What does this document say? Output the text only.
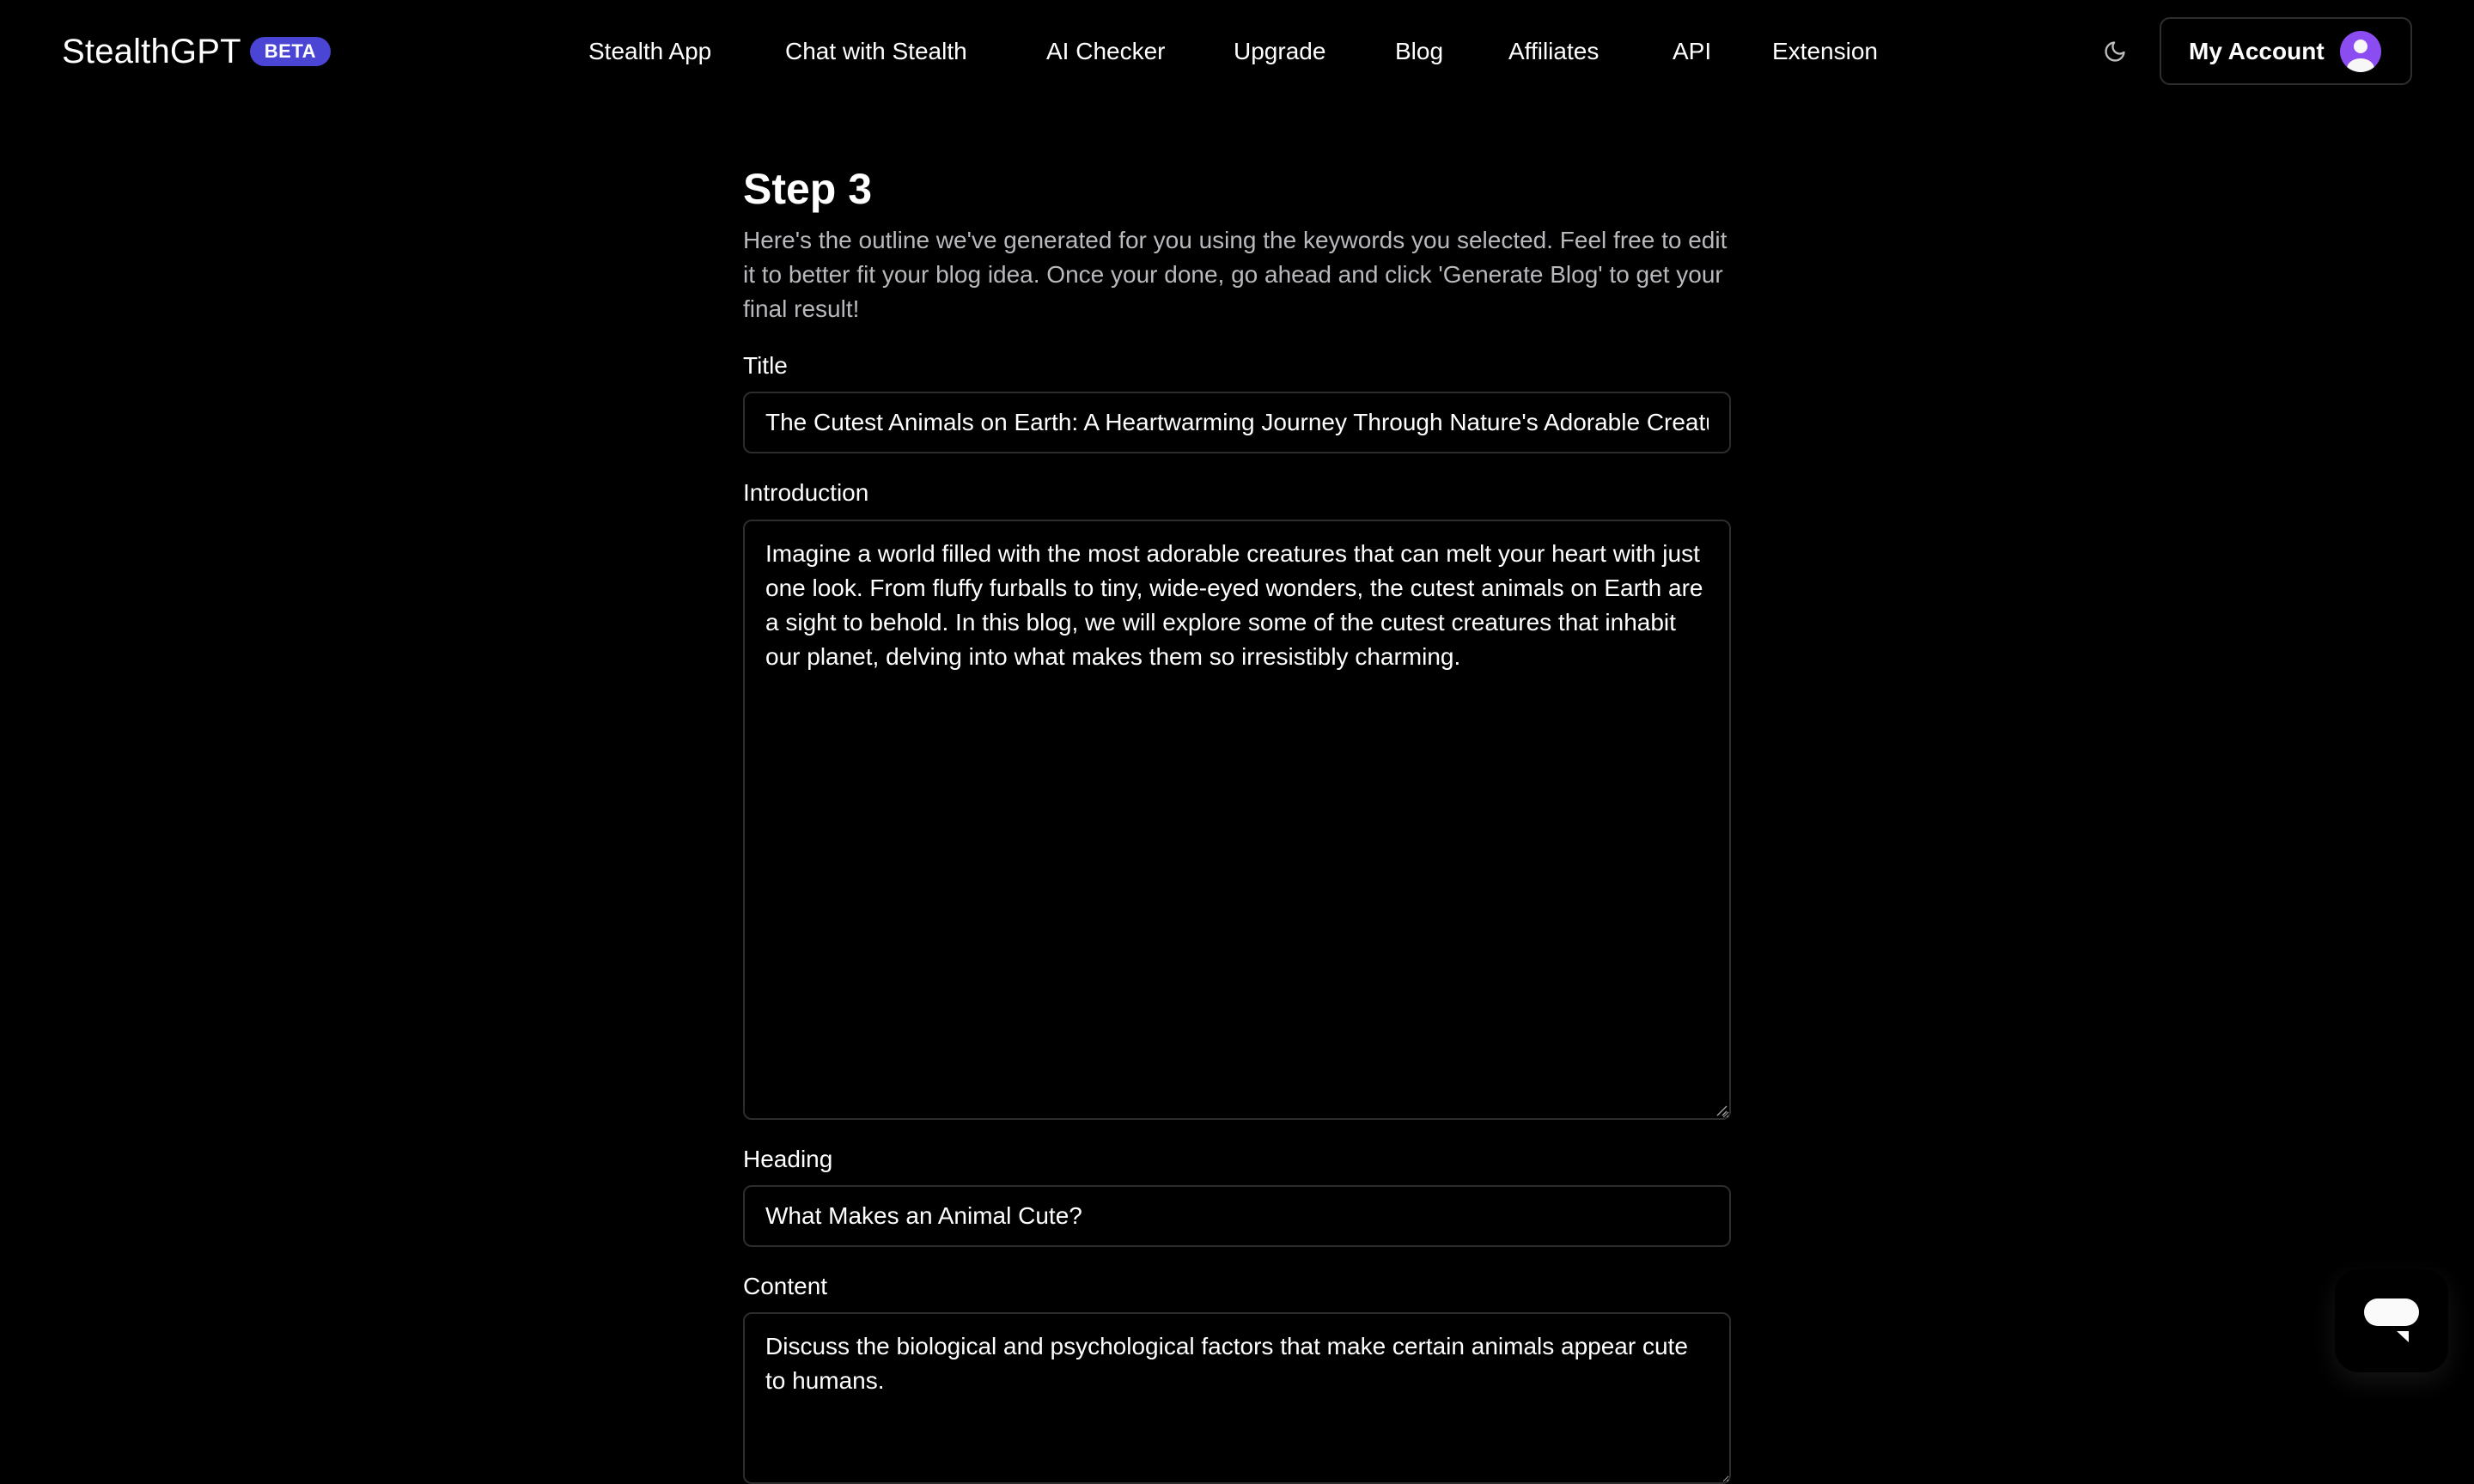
StealthGPT	BETA	Stealth App	Chat with Stealth	AI Checker	Upgrade	Blog	Affiliates	API	Extension	My Account
Step 3

Here's the outline we've generated for you using the keywords you selected. Feel free to edit it to better fit your blog idea. Once your done, go ahead and click 'Generate Blog' to get your final result!

Title
The Cutest Animals on Earth: A Heartwarming Journey Through Nature's Adorable Creatures
Introduction
Imagine a world filled with the most adorable creatures that can melt your heart with just one look. From fluffy furballs to tiny, wide-eyed wonders, the cutest animals on Earth are a sight to behold. In this blog, we will explore some of the cutest creatures that inhabit our planet, delving into what makes them so irresistibly charming.
Heading
What Makes an Animal Cute?
Content
Discuss the biological and psychological factors that make certain animals appear cute to humans.
